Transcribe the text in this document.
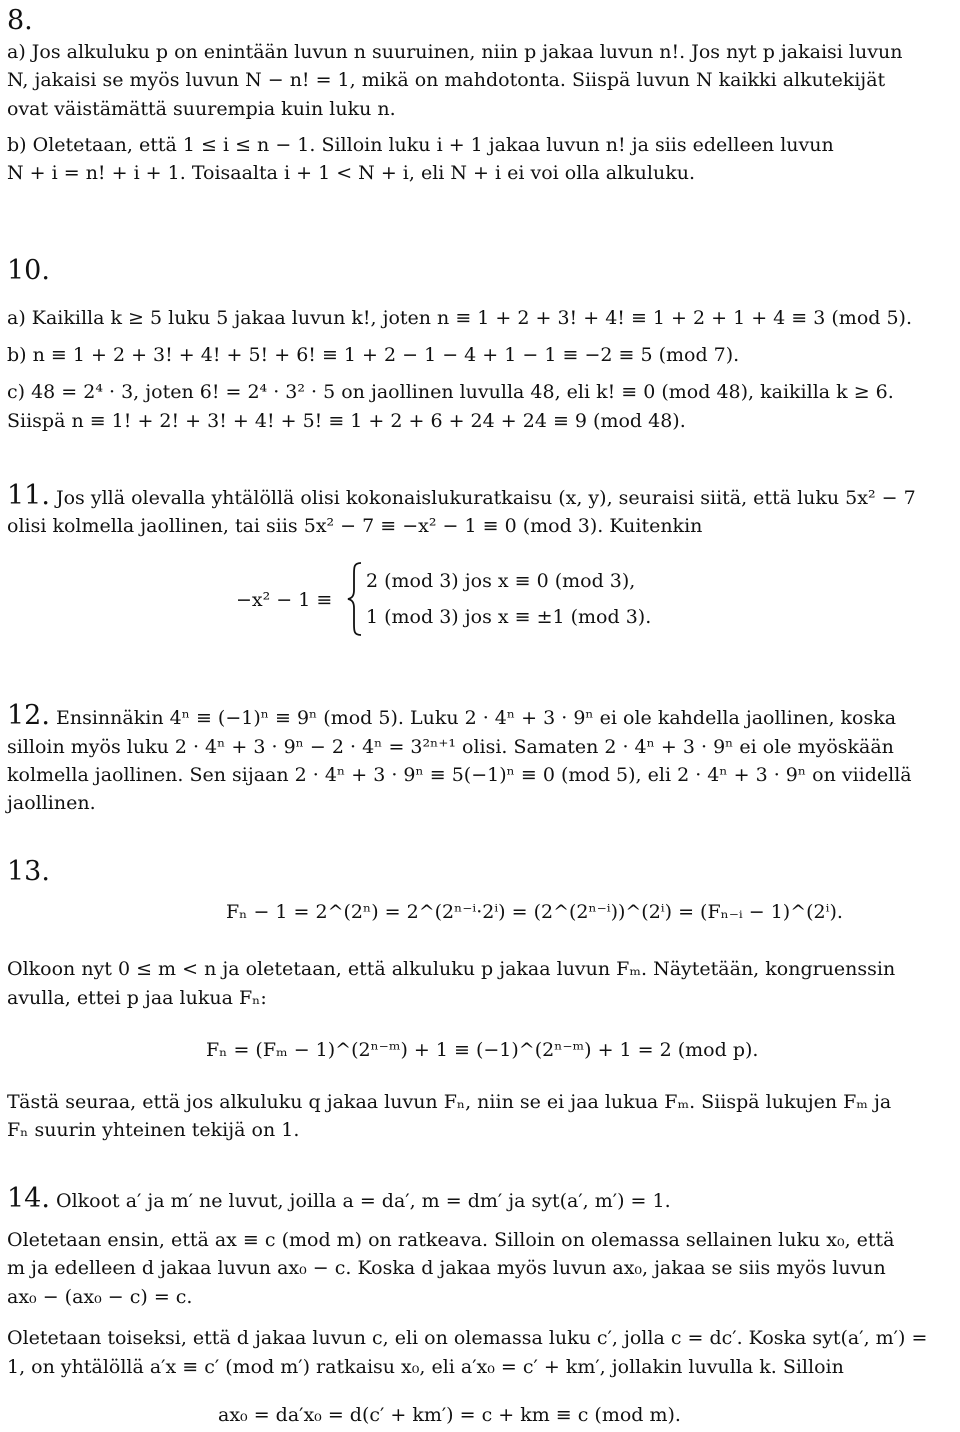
8.
a) Jos alkuluku p on enintään luvun n suuruinen, niin p jakaa luvun n!. Jos nyt p jakaisi luvun
N, jakaisi se myös luvun N − n! = 1, mikä on mahdotonta. Siispä luvun N kaikki alkutekijät
ovat väistämättä suurempia kuin luku n.
b) Oletetaan, että 1 ≤ i ≤ n − 1. Silloin luku i + 1 jakaa luvun n! ja siis edelleen luvun
N + i = n! + i + 1. Toisaalta i + 1 < N + i, eli N + i ei voi olla alkuluku.
10.
a) Kaikilla k ≥ 5 luku 5 jakaa luvun k!, joten n ≡ 1 + 2 + 3! + 4! ≡ 1 + 2 + 1 + 4 ≡ 3 (mod 5).
b) n ≡ 1 + 2 + 3! + 4! + 5! + 6! ≡ 1 + 2 − 1 − 4 + 1 − 1 ≡ −2 ≡ 5 (mod 7).
c) 48 = 2⁴ · 3, joten 6! = 2⁴ · 3² · 5 on jaollinen luvulla 48, eli k! ≡ 0 (mod 48), kaikilla k ≥ 6.
Siispä n ≡ 1! + 2! + 3! + 4! + 5! ≡ 1 + 2 + 6 + 24 + 24 ≡ 9 (mod 48).
11. Jos yllä olevalla yhtälöllä olisi kokonaislukuratkaisu (x, y), seuraisi siitä, että luku 5x² − 7
olisi kolmella jaollinen, tai siis 5x² − 7 ≡ −x² − 1 ≡ 0 (mod 3). Kuitenkin
−x² − 1 ≡
2 (mod 3) jos x ≡ 0 (mod 3),
1 (mod 3) jos x ≡ ±1 (mod 3).
12. Ensinnäkin 4ⁿ ≡ (−1)ⁿ ≡ 9ⁿ (mod 5). Luku 2 · 4ⁿ + 3 · 9ⁿ ei ole kahdella jaollinen, koska
silloin myös luku 2 · 4ⁿ + 3 · 9ⁿ − 2 · 4ⁿ = 3²ⁿ⁺¹ olisi. Samaten 2 · 4ⁿ + 3 · 9ⁿ ei ole myöskään
kolmella jaollinen. Sen sijaan 2 · 4ⁿ + 3 · 9ⁿ ≡ 5(−1)ⁿ ≡ 0 (mod 5), eli 2 · 4ⁿ + 3 · 9ⁿ on viidellä
jaollinen.
13.
Fₙ − 1 = 2^(2ⁿ) = 2^(2ⁿ⁻ⁱ·2ⁱ) = (2^(2ⁿ⁻ⁱ))^(2ⁱ) = (Fₙ₋ᵢ − 1)^(2ⁱ).
Olkoon nyt 0 ≤ m < n ja oletetaan, että alkuluku p jakaa luvun Fₘ. Näytetään, kongruenssin
avulla, ettei p jaa lukua Fₙ:
Fₙ = (Fₘ − 1)^(2ⁿ⁻ᵐ) + 1 ≡ (−1)^(2ⁿ⁻ᵐ) + 1 = 2 (mod p).
Tästä seuraa, että jos alkuluku q jakaa luvun Fₙ, niin se ei jaa lukua Fₘ. Siispä lukujen Fₘ ja
Fₙ suurin yhteinen tekijä on 1.
14. Olkoot a′ ja m′ ne luvut, joilla a = da′, m = dm′ ja syt(a′, m′) = 1.
Oletetaan ensin, että ax ≡ c (mod m) on ratkeava. Silloin on olemassa sellainen luku x₀, että
m ja edelleen d jakaa luvun ax₀ − c. Koska d jakaa myös luvun ax₀, jakaa se siis myös luvun
ax₀ − (ax₀ − c) = c.
Oletetaan toiseksi, että d jakaa luvun c, eli on olemassa luku c′, jolla c = dc′. Koska syt(a′, m′) =
1, on yhtälöllä a′x ≡ c′ (mod m′) ratkaisu x₀, eli a′x₀ = c′ + km′, jollakin luvulla k. Silloin
ax₀ = da′x₀ = d(c′ + km′) = c + km ≡ c (mod m).
